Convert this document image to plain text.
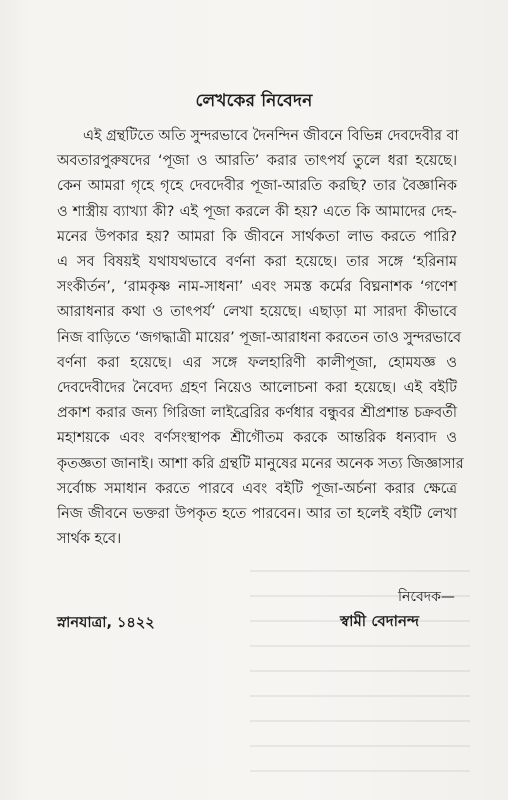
লেখকের নিবেদন
এই গ্রন্থটিতে অতি সুন্দরভাবে দৈনন্দিন জীবনে বিভিন্ন দেবদেবীর বা
অবতারপুরুষদের ‘পূজা ও আরতি’ করার তাৎপর্য তুলে ধরা হয়েছে।
কেন আমরা গৃহে গৃহে দেবদেবীর পূজা-আরতি করছি? তার বৈজ্ঞানিক
ও শাস্ত্রীয় ব্যাখ্যা কী? এই পূজা করলে কী হয়? এতে কি আমাদের দেহ-
মনের উপকার হয়? আমরা কি জীবনে সার্থকতা লাভ করতে পারি?
এ সব বিষয়ই যথাযথভাবে বর্ণনা করা হয়েছে। তার সঙ্গে ‘হরিনাম
সংকীর্তন’, ‘রামকৃষ্ণ নাম-সাধনা’ এবং সমস্ত কর্মের বিঘ্ননাশক ‘গণেশ
আরাধনার কথা ও তাৎপর্য’ লেখা হয়েছে। এছাড়া মা সারদা কীভাবে
নিজ বাড়িতে ‘জগদ্ধাত্রী মায়ের’ পূজা-আরাধনা করতেন তাও সুন্দরভাবে
বর্ণনা করা হয়েছে। এর সঙ্গে ফলহারিণী কালীপূজা, হোমযজ্ঞ ও
দেবদেবীদের নৈবেদ্য গ্রহণ নিয়েও আলোচনা করা হয়েছে। এই বইটি
প্রকাশ করার জন্য গিরিজা লাইব্রেরির কর্ণধার বন্ধুবর শ্রীপ্রশান্ত চক্রবর্তী
মহাশয়কে এবং বর্ণসংস্থাপক শ্রীগৌতম করকে আন্তরিক ধন্যবাদ ও
কৃতজ্ঞতা জানাই। আশা করি গ্রন্থটি মানুষের মনের অনেক সত্য জিজ্ঞাসার
সর্বোচ্চ সমাধান করতে পারবে এবং বইটি পূজা-অর্চনা করার ক্ষেত্রে
নিজ জীবনে ভক্তরা উপকৃত হতে পারবেন। আর তা হলেই বইটি লেখা
সার্থক হবে।
নিবেদক—
স্নানযাত্রা, ১৪২২	স্বামী বেদানন্দ
